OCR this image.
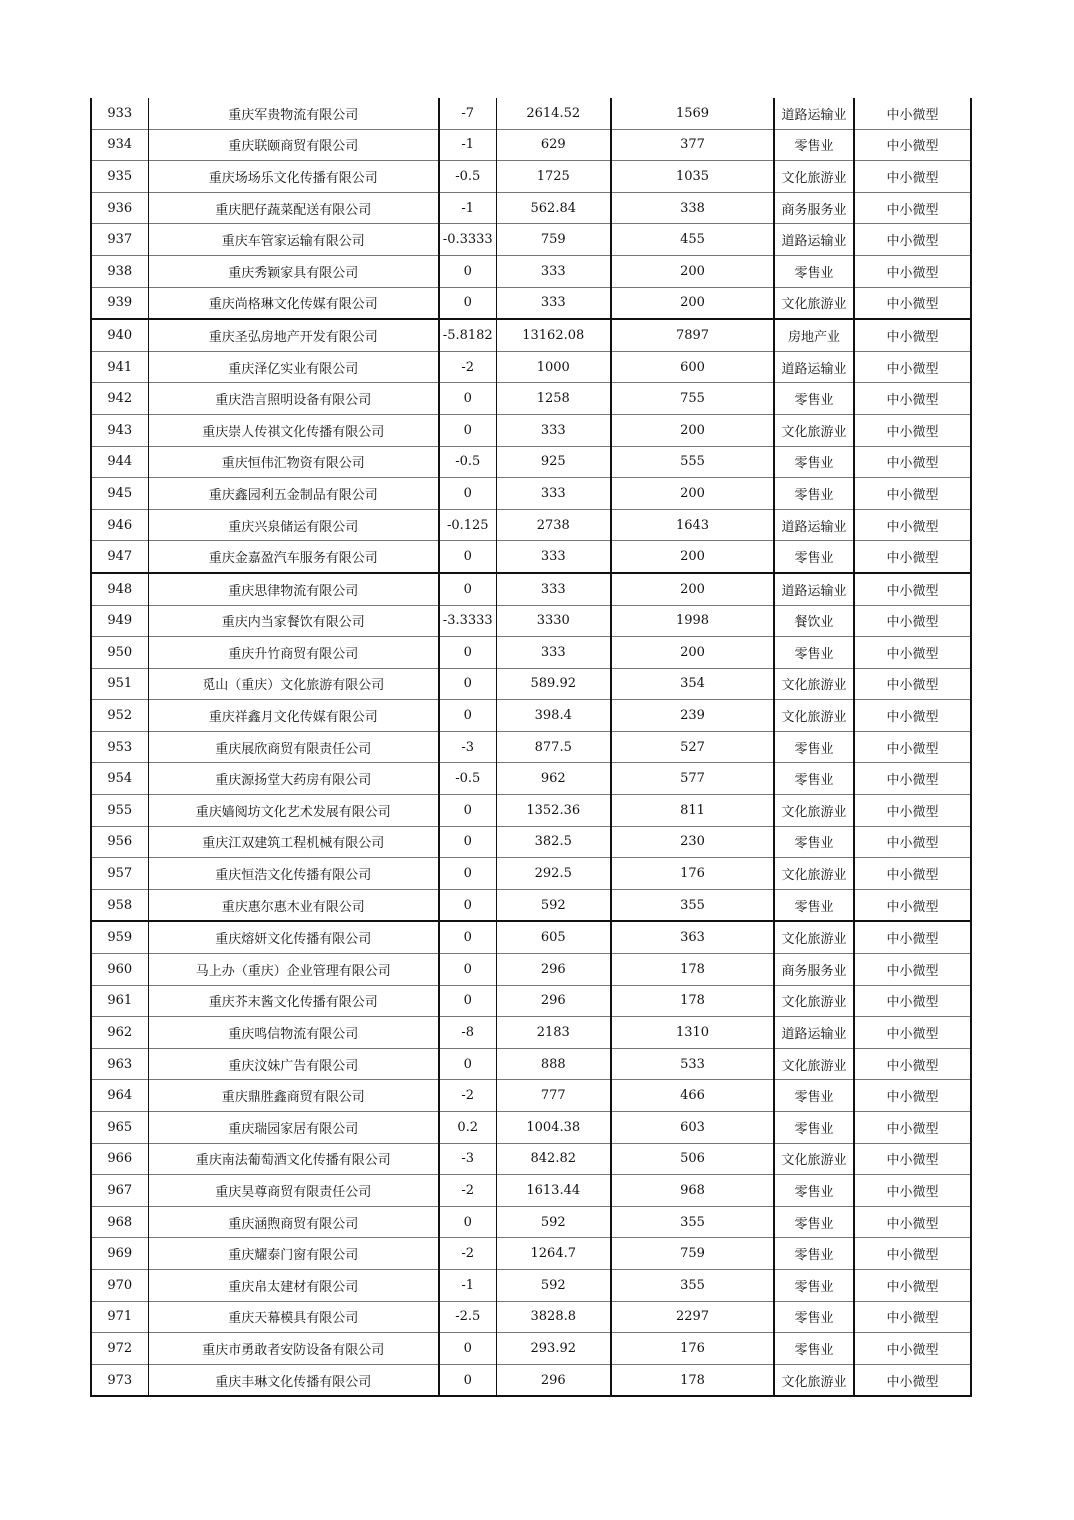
933	重庆军贵物流有限公司	-7	2614.52	1569	道路运输业	中小微型
934	重庆联颐商贸有限公司	-1	629	377	零售业	中小微型
935	重庆场场乐文化传播有限公司	-0.5	1725	1035	文化旅游业	中小微型
936	重庆肥仔蔬菜配送有限公司	-1	562.84	338	商务服务业	中小微型
937	重庆车管家运输有限公司	-0.3333	759	455	道路运输业	中小微型
938	重庆秀颖家具有限公司	0	333	200	零售业	中小微型
939	重庆尚格琳文化传媒有限公司	0	333	200	文化旅游业	中小微型
940	重庆圣弘房地产开发有限公司	-5.8182	13162.08	7897	房地产业	中小微型
941	重庆泽亿实业有限公司	-2	1000	600	道路运输业	中小微型
942	重庆浩言照明设备有限公司	0	1258	755	零售业	中小微型
943	重庆崇人传祺文化传播有限公司	0	333	200	文化旅游业	中小微型
944	重庆恒伟汇物资有限公司	-0.5	925	555	零售业	中小微型
945	重庆鑫园利五金制品有限公司	0	333	200	零售业	中小微型
946	重庆兴泉储运有限公司	-0.125	2738	1643	道路运输业	中小微型
947	重庆金嘉盈汽车服务有限公司	0	333	200	零售业	中小微型
948	重庆思律物流有限公司	0	333	200	道路运输业	中小微型
949	重庆内当家餐饮有限公司	-3.3333	3330	1998	餐饮业	中小微型
950	重庆升竹商贸有限公司	0	333	200	零售业	中小微型
951	觅山（重庆）文化旅游有限公司	0	589.92	354	文化旅游业	中小微型
952	重庆祥鑫月文化传媒有限公司	0	398.4	239	文化旅游业	中小微型
953	重庆展欣商贸有限责任公司	-3	877.5	527	零售业	中小微型
954	重庆源扬堂大药房有限公司	-0.5	962	577	零售业	中小微型
955	重庆嫱阅坊文化艺术发展有限公司	0	1352.36	811	文化旅游业	中小微型
956	重庆江双建筑工程机械有限公司	0	382.5	230	零售业	中小微型
957	重庆恒浩文化传播有限公司	0	292.5	176	文化旅游业	中小微型
958	重庆惠尔惠木业有限公司	0	592	355	零售业	中小微型
959	重庆熔妍文化传播有限公司	0	605	363	文化旅游业	中小微型
960	马上办（重庆）企业管理有限公司	0	296	178	商务服务业	中小微型
961	重庆芥末酱文化传播有限公司	0	296	178	文化旅游业	中小微型
962	重庆鸣信物流有限公司	-8	2183	1310	道路运输业	中小微型
963	重庆汶妹广告有限公司	0	888	533	文化旅游业	中小微型
964	重庆鼎胜鑫商贸有限公司	-2	777	466	零售业	中小微型
965	重庆瑞园家居有限公司	0.2	1004.38	603	零售业	中小微型
966	重庆南法葡萄酒文化传播有限公司	-3	842.82	506	文化旅游业	中小微型
967	重庆昊尊商贸有限责任公司	-2	1613.44	968	零售业	中小微型
968	重庆涵煦商贸有限公司	0	592	355	零售业	中小微型
969	重庆耀泰门窗有限公司	-2	1264.7	759	零售业	中小微型
970	重庆帛太建材有限公司	-1	592	355	零售业	中小微型
971	重庆天幕模具有限公司	-2.5	3828.8	2297	零售业	中小微型
972	重庆市勇敢者安防设备有限公司	0	293.92	176	零售业	中小微型
973	重庆丰琳文化传播有限公司	0	296	178	文化旅游业	中小微型
